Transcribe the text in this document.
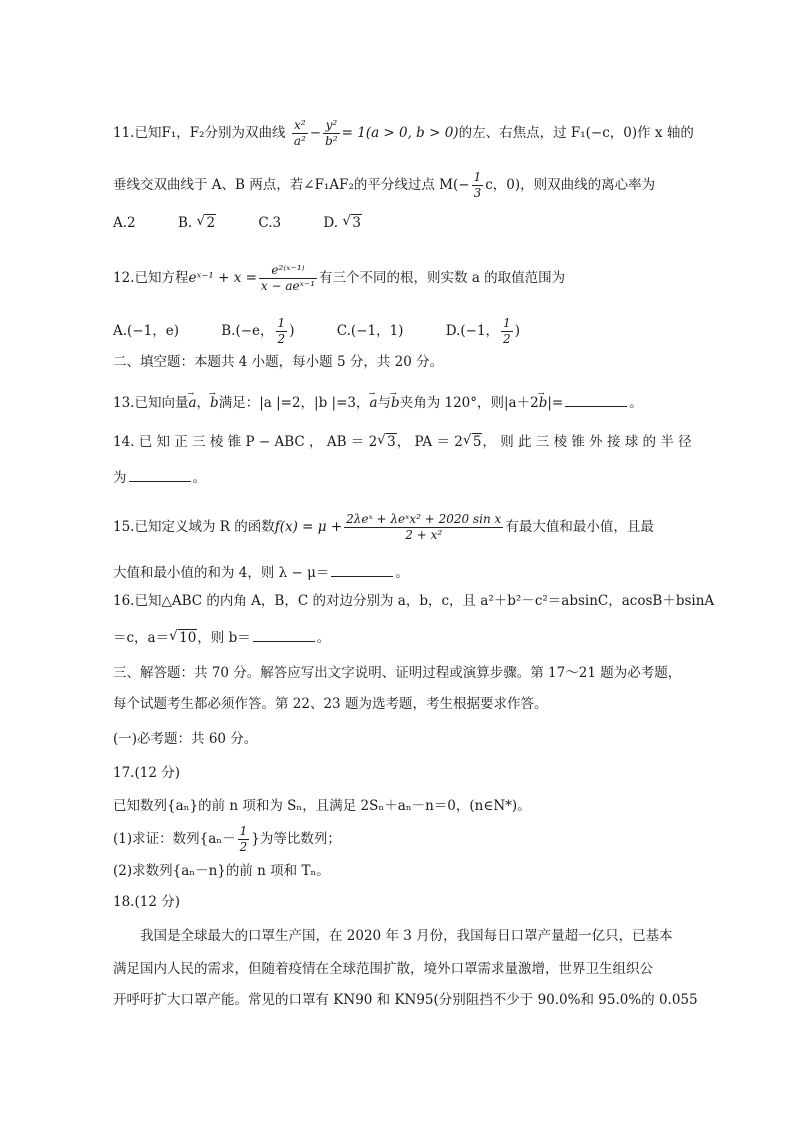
11.已知F₁，F₂分别为双曲线 $\frac{\text{x²}}{\text{a²}} - \frac{\text{y²}}{\text{b²}} = 1(a > 0$, b > 0)的左、右焦点，过 F₁(−c，0)作 x 轴的
垂线交双曲线于 A、B 两点，若∠F₁AF₂的平分线过点 $M(- \frac{1}{3}$ c，0)，则双曲线的离心率为
A.2	B. √ 2	C.3	D. √ 3
12.已知方程eˣ⁻¹ + $x = \frac{\text{e²⁽ˣ⁻¹⁾}}{\text{x − aeˣ⁻¹}}$ 有三个不同的根，则实数 a 的取值范围为
A.(−1，e)	B.(−e， $\frac{1}{2}$ )	C.(−1，1)	D.(−1， $\frac{1}{2}$ )
二、填空题：本题共 4 小题，每小题 5 分，共 20 分。
13.已知向量→ a，→ b满足：|a |=2，|b |=3，→ a与→ b夹角为 120°，则|a＋2→ b|=	。
14. 已 知 正 三 棱 锥 P − ABC ， AB ＝ 2 √ 3， PA ＝ 2 √ 5， 则 此 三 棱 锥 外 接 球 的 半 径
为	。
15.已知定义域为 R 的函数$f(x) = \mu + \frac{\text{2λeˣ + λeˣx² + 2020 sin x}}{\text{2 + x²}}$ 有最大值和最小值，且最
大值和最小值的和为 4，则 λ − μ＝	。
16.已知△ABC 的内角 A，B，C 的对边分别为 a，b，c，且 a²＋b²－c²＝absinC，acosB＋bsinA
＝c，a＝ √ 10，则 b＝	。
三、解答题：共 70 分。解答应写出文字说明、证明过程或演算步骤。第 17～21 题为必考题，
每个试题考生都必须作答。第 22、23 题为选考题，考生根据要求作答。
(一)必考题：共 60 分。
17.(12 分)
已知数列{aₙ}的前 n 项和为 Sₙ，且满足 2Sₙ＋aₙ－n＝0，(n∈N*)。
(1)求证：数列{$a_n- \frac{1}{2}$ }为等比数列；
(2)求数列{aₙ－n}的前 n 项和 Tₙ。
18.(12 分)
我国是全球最大的口罩生产国，在 2020 年 3 月份，我国每日口罩产量超一亿只，已基本
满足国内人民的需求，但随着疫情在全球范围扩散，境外口罩需求量激增，世界卫生组织公
开呼吁扩大口罩产能。常见的口罩有 KN90 和 KN95(分别阻挡不少于 90.0%和 95.0%的 0.055
